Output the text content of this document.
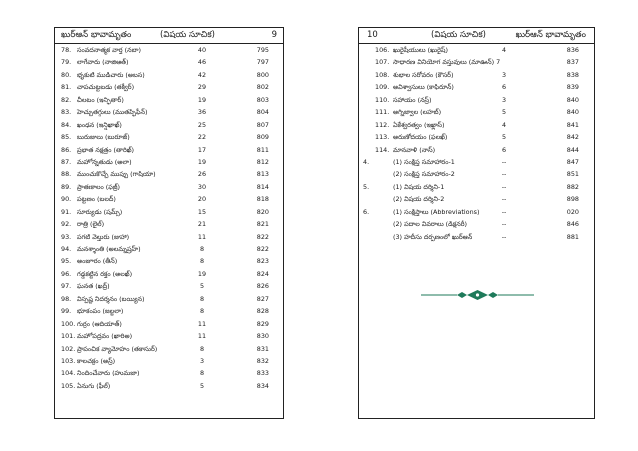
ఖుర్ఆన్ భావామృతం	(విషయ సూచిక)	9
78. సంవదనాత్మక వార్త (నబా)	40	795
79. లాగేవారు (నాజిఆత్)	46	797
80. భృకుటి ముడిచారు (అబస)	42	800
81. చాపచుట్టబడు (తక్వీర్)	29	802
82. చీలటం (ఇన్ఫితార్)	19	803
83. హెచ్చుతగ్గులు (ముతప్ఫిఫీన్)	36	804
84. ఖంఢన (ఇన్షిఖాఖ్)	25	807
85. బురుజులు (బురూజ్)	22	809
86. ప్రభాత నక్షత్రం (తారిఖ్)	17	811
87. మహోన్నతుడు (అలా)	19	812
88. ముంచుకొచ్చే ముప్పు (గాషియా)	26	813
89. ప్రాతఃకాలం (ఫజ్ర్)	30	814
90. పట్టణం (బలద్)	20	818
91. సూర్యుడు (షమ్స్)	15	820
92. రాత్రి (లైల్)	21	821
93. పగటి వెల్తురు (జుహా)	11	822
94. మనశ్శాంతి (అలమ్నష్రహ్)	8	822
95. అంజూరం (తీన్)	8	823
96. గడ్డకట్టిన రక్తం (అలఖ్)	19	824
97. ఘనత (ఖద్ర్)	5	826
98. విస్పష్ట నిదర్శనం (బయ్యిన)	8	827
99. భూకంపం (జల్జలా)	8	828
100. గుర్రం (ఆదియాత్)	11	829
101. మహోపద్రవం (ఖారిఅ)	11	830
102. ప్రాపంచిక వ్యామోహం (తకాసుర్)	8	831
103. కాలచక్రం (అస్ర్)	3	832
104. నిందించేవారు (హుమజా)	8	833
105. ఏనుగు (ఫీల్)	5	834
10	(విషయ సూచిక)	ఖుర్ఆన్ భావామృతం
106. ఖురైషీయులు (ఖురైష్)	4	836
107. సాధారణ వినియోగ వస్తువులు (మాఊన్) 7	837
108. శుభాల సరోవరం (కౌసర్)	3	838
109. అవిశ్వాసులు (కాఫిరూన్)	6	839
110. సహాయం (నస్ర్)	3	840
111. అగ్నిజ్వాల (లహబ్)	5	840
112. ఏకేశ్వరత్వం (ఇఖ్లాస్)	4	841
113. అరుణోదయం (ఫలఖ్)	5	842
114. మానవాళి (నాస్)	6	844
4.	(1) సంక్షిప్త సమాహారం-1	--	847
(2) సంక్షిప్త సమాహారం-2	--	851
5.	(1) విషయ దర్శిని-1	--	882
(2) విషయ దర్శిని-2	--	898
6.	(1) సంక్షిప్తాలు (Abbreviations)	--	020
(2) పదాల వివరాలు (డిక్షనరీ)	--	846
(3) హదీసు దర్పణంలో ఖుర్ఆన్	--	881
